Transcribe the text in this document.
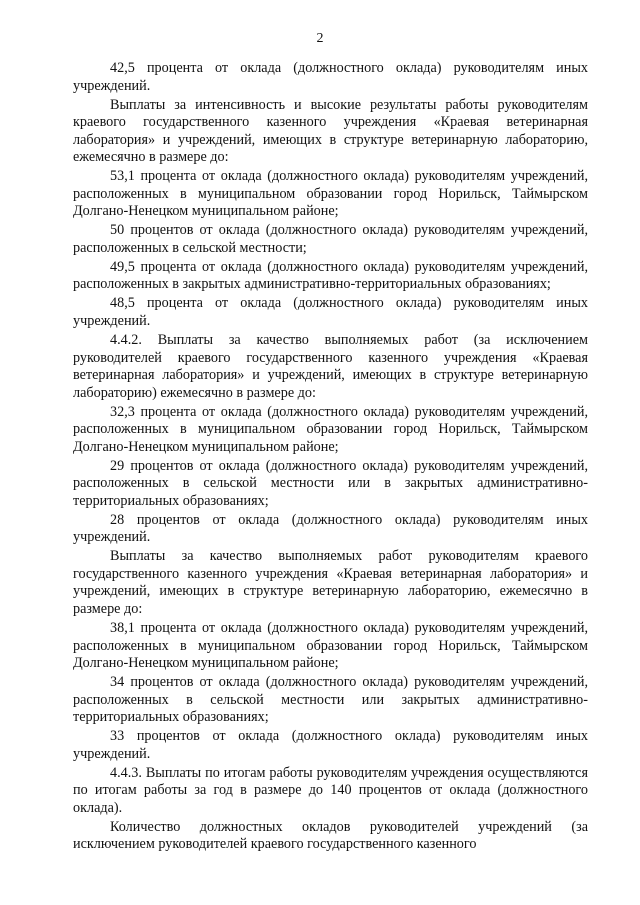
2

42,5 процента от оклада (должностного оклада) руководителям иных учреждений.

Выплаты за интенсивность и высокие результаты работы руководителям краевого государственного казенного учреждения «Краевая ветеринарная лаборатория» и учреждений, имеющих в структуре ветеринарную лабораторию, ежемесячно в размере до:

53,1 процента от оклада (должностного оклада) руководителям учреждений, расположенных в муниципальном образовании город Норильск, Таймырском Долгано-Ненецком муниципальном районе;

50 процентов от оклада (должностного оклада) руководителям учреждений, расположенных в сельской местности;

49,5 процента от оклада (должностного оклада) руководителям учреждений, расположенных в закрытых административно-территориальных образованиях;

48,5 процента от оклада (должностного оклада) руководителям иных учреждений.

4.4.2. Выплаты за качество выполняемых работ (за исключением руководителей краевого государственного казенного учреждения «Краевая ветеринарная лаборатория» и учреждений, имеющих в структуре ветеринарную лабораторию) ежемесячно в размере до:

32,3 процента от оклада (должностного оклада) руководителям учреждений, расположенных в муниципальном образовании город Норильск, Таймырском Долгано-Ненецком муниципальном районе;

29 процентов от оклада (должностного оклада) руководителям учреждений, расположенных в сельской местности или в закрытых административно-территориальных образованиях;

28 процентов от оклада (должностного оклада) руководителям иных учреждений.

Выплаты за качество выполняемых работ руководителям краевого государственного казенного учреждения «Краевая ветеринарная лаборатория» и учреждений, имеющих в структуре ветеринарную лабораторию, ежемесячно в размере до:

38,1 процента от оклада (должностного оклада) руководителям учреждений, расположенных в муниципальном образовании город Норильск, Таймырском Долгано-Ненецком муниципальном районе;

34 процентов от оклада (должностного оклада) руководителям учреждений, расположенных в сельской местности или закрытых административно-территориальных образованиях;

33 процентов от оклада (должностного оклада) руководителям иных учреждений.

4.4.3. Выплаты по итогам работы руководителям учреждения осуществляются по итогам работы за год в размере до 140 процентов от оклада (должностного оклада).

Количество должностных окладов руководителей учреждений (за исключением руководителей краевого государственного казенного
